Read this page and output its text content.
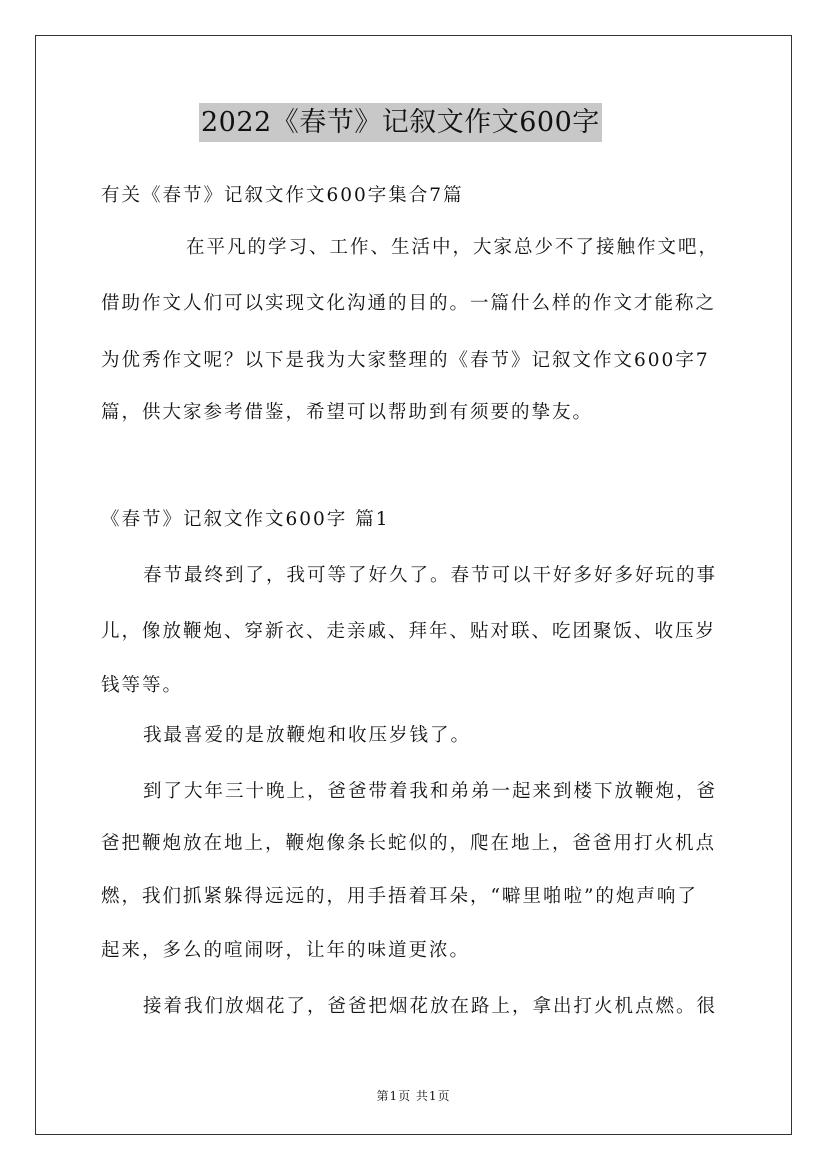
2022《春节》记叙文作文600字
有关《春节》记叙文作文600字集合7篇
在平凡的学习、工作、生活中，大家总少不了接触作文吧，
借助作文人们可以实现文化沟通的目的。一篇什么样的作文才能称之
为优秀作文呢？以下是我为大家整理的《春节》记叙文作文600字7
篇，供大家参考借鉴，希望可以帮助到有须要的挚友。
《春节》记叙文作文600字 篇1
春节最终到了，我可等了好久了。春节可以干好多好多好玩的事
儿，像放鞭炮、穿新衣、走亲戚、拜年、贴对联、吃团聚饭、收压岁
钱等等。
我最喜爱的是放鞭炮和收压岁钱了。
到了大年三十晚上，爸爸带着我和弟弟一起来到楼下放鞭炮，爸
爸把鞭炮放在地上，鞭炮像条长蛇似的，爬在地上，爸爸用打火机点
燃，我们抓紧躲得远远的，用手捂着耳朵，“噼里啪啦”的炮声响了
起来，多么的喧闹呀，让年的味道更浓。
接着我们放烟花了，爸爸把烟花放在路上，拿出打火机点燃。很
第1页 共1页
